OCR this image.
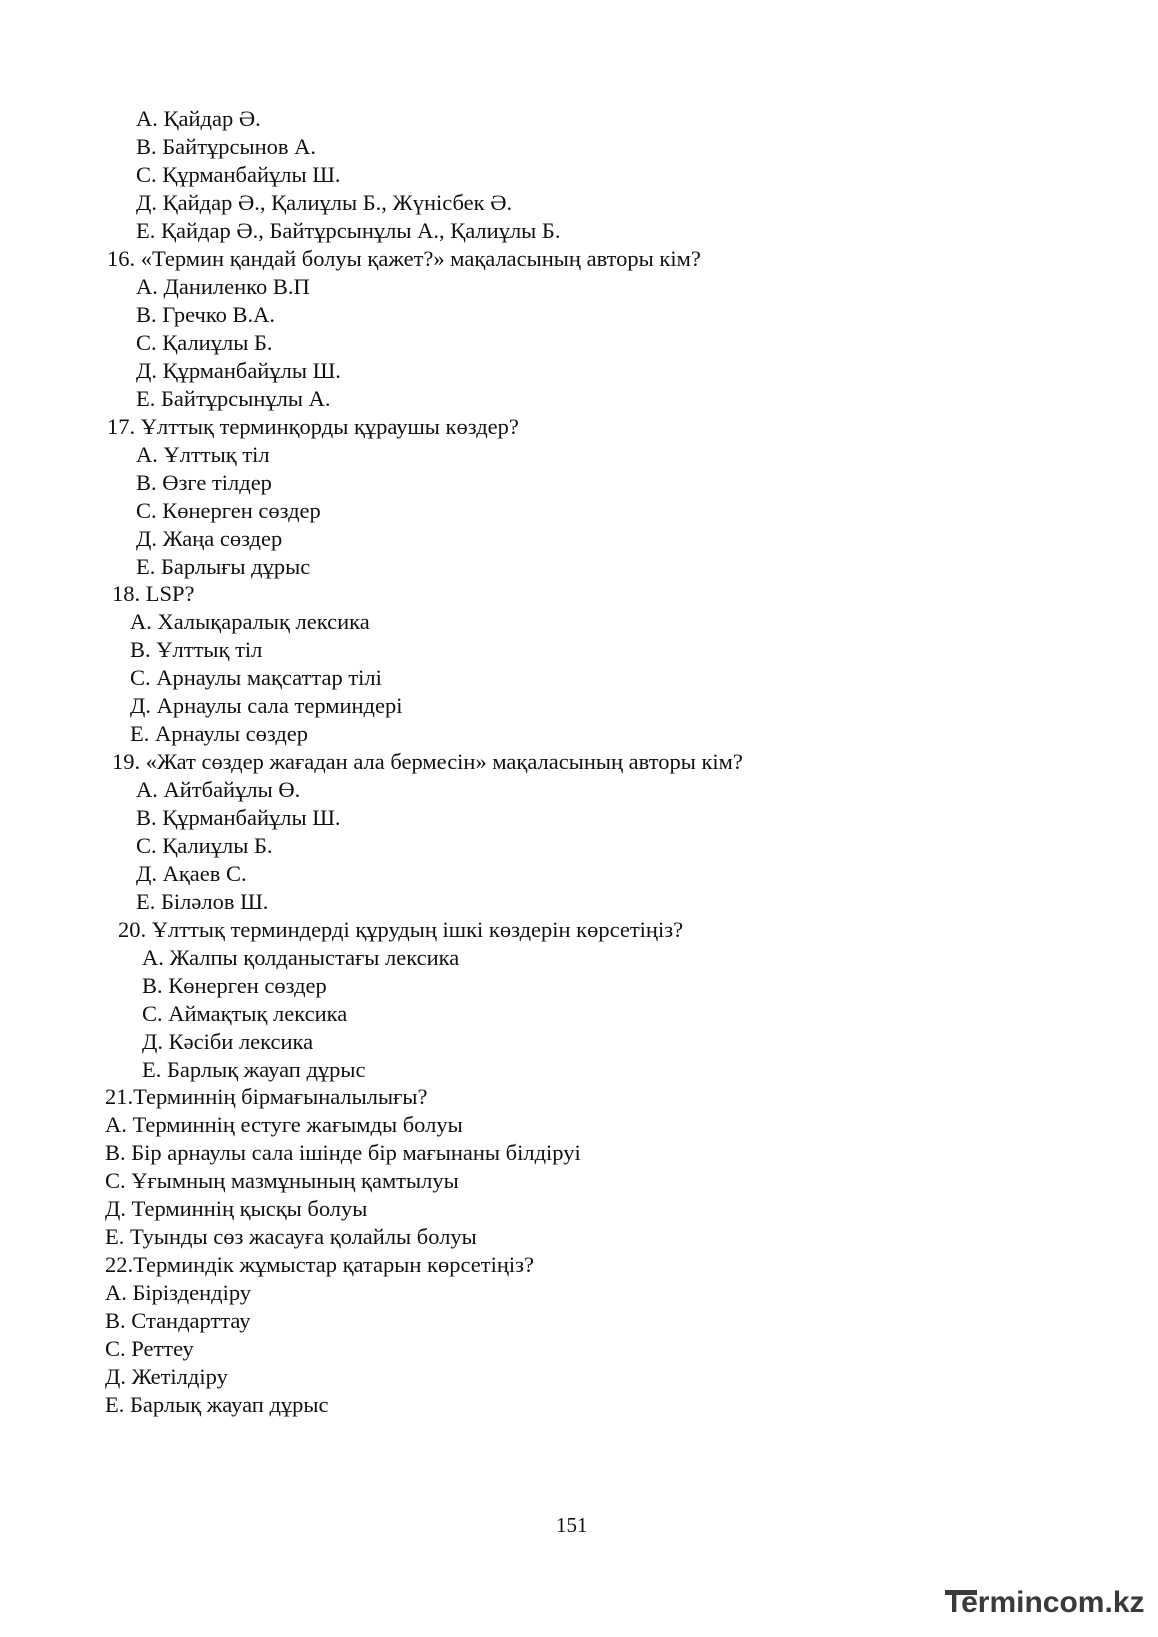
А. Қайдар Ә.
В. Байтұрсынов А.
С. Құрманбайұлы Ш.
Д. Қайдар Ә., Қалиұлы Б., Жүнісбек Ә.
Е. Қайдар Ә., Байтұрсынұлы А., Қалиұлы Б.
16. «Термин қандай болуы қажет?» мақаласының авторы кім?
А. Даниленко В.П
В. Гречко В.А.
С. Қалиұлы Б.
Д. Құрманбайұлы Ш.
Е. Байтұрсынұлы А.
17. Ұлттық терминқорды құраушы көздер?
А. Ұлттық тіл
В. Өзге тілдер
С. Көнерген сөздер
Д. Жаңа сөздер
Е. Барлығы дұрыс
18. LSP?
А. Халықаралық лексика
В. Ұлттық тіл
С. Арнаулы мақсаттар тілі
Д. Арнаулы сала терминдері
Е. Арнаулы сөздер
19. «Жат сөздер жағадан ала бермесін» мақаласының авторы кім?
А. Айтбайұлы Ө.
В. Құрманбайұлы Ш.
С. Қалиұлы Б.
Д. Ақаев С.
Е. Біләлов Ш.
20. Ұлттық терминдерді құрудың ішкі көздерін көрсетіңіз?
А. Жалпы қолданыстағы лексика
В. Көнерген сөздер
С. Аймақтық лексика
Д. Кәсіби лексика
Е. Барлық жауап дұрыс
21.Терминнің бірмағыналылығы?
А. Терминнің естуге жағымды болуы
В. Бір арнаулы сала ішінде бір мағынаны білдіруі
С. Ұғымның мазмұнының қамтылуы
Д. Терминнің қысқы болуы
Е. Туынды сөз жасауға қолайлы болуы
22.Терминдік жұмыстар қатарын көрсетіңіз?
А. Біріздендіру
В. Стандарттау
С. Реттеу
Д. Жетілдіру
Е. Барлық жауап дұрыс
151
Termincom.kz
